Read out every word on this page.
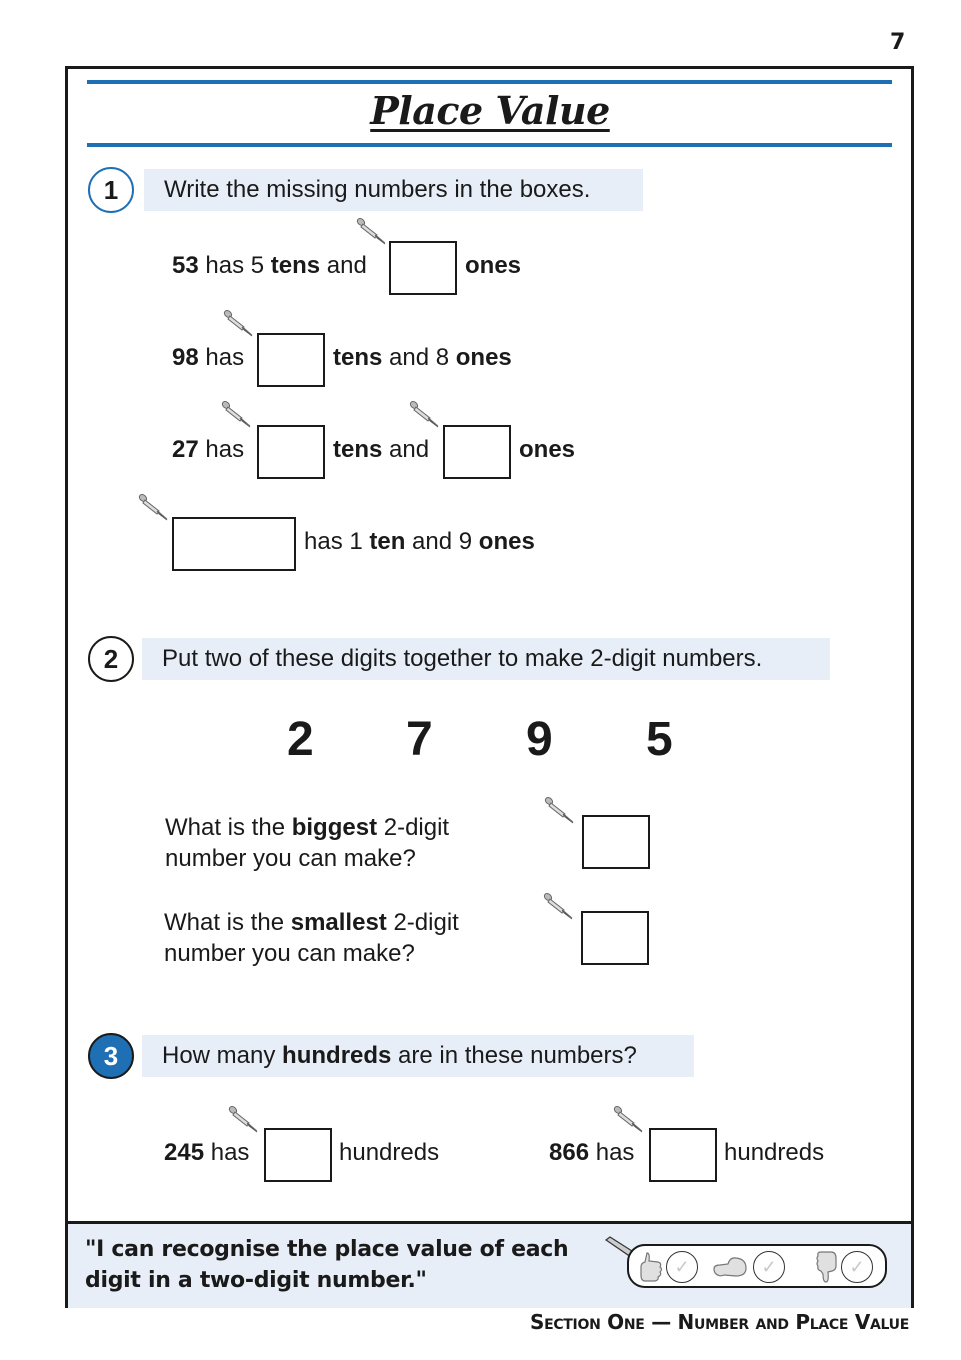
7
Place Value
1 Write the missing numbers in the boxes.
53 has 5 tens and	ones
98 has	tens and 8 ones
27 has	tens and	ones
has 1 ten and 9 ones
2 Put two of these digits together to make 2-digit numbers.
2 7 9 5
What is the biggest 2-digit
number you can make?
What is the smallest 2-digit
number you can make?
3 How many
hundreds are in these numbers?
245 has	hundreds	866 has	hundreds
"I can recognise the place value of each
digit in a two-digit number."
✓	✓	✓
Section One — Number and Place Value
